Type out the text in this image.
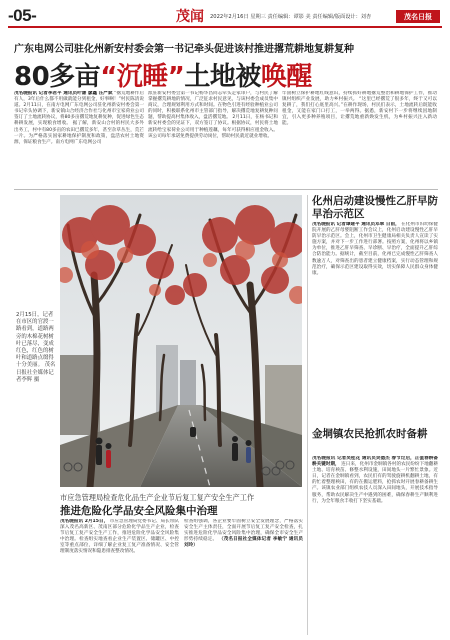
-05-	茂闻 2022年2月16日 星期三 责任编辑：谭影 美 责任编辑/版面设计：刘杏	茂名日报
广东电网公司驻化州新安村委会第一书记牵头促进该村推进撂荒耕地复耕复种
80多亩“沉睡”土地被唤醒
茂名晚报讯 记者李君平 通讯员叶谦 廖鑫 汪严斌 “撂荒地耕作后有人，3年后什么都不用做就能分到租金，好事啊！”村民陈清说道。2月11日，在南方电网广东电网公司驻化州新安村委会第一书记牵头协调下，新安镇山合经济合作社与化州市宝家荷业公司签订了土地流转协议，将80多亩撂荒地复耕复种，促进绿色生态耕耕发展，实现粮食增收。 据了解，新安山合村的村民大多外出务工，村中有80多亩的农田已撂荒多年，甚至杂草丛生，荒芒一片。为严格落实国家耕地保护制度和政策，盘活农村土地资源，保证粮食生产。南方电网广东电网公司
派驻新安村委会第一书记杨华昌同志牵头走家串户，与村民了解掌握撂荒耕地的情况，广泛征求村民意见，与该村委会成员集中商议，合理规划利用方式和时间。在物色引进有经验种植业公司的同时，积极联系化州市主管部门指导，解决撂荒地复耕复种问题，帮助提高村集体收入，盘活撂荒地。 2月11日，在杨书记和新安村委会的见证下，双方签订了协议。根据协议，村民将土地流转给宝家荷业公司用于种植莲藕，每年可获得相应租金收入。该公司每年承诺免费提供劳动岗位，帮助村民就近就业增收。
牢固树立保护耕地红线意识，持续抓好耕地撂荒整治和耕地保护工作，推动镇村组织产业发展，助力乡村振兴。 “这里已经撂荒了很多年，终于又可以复耕了，我们打心底里高兴。”在耕作现场，村民们表示，土地流转后既能收租金，又能在家门口打工，一举两得。据悉，新安村下一步将继续因地制宜，引入更多种养殖项目，让撂荒地重新焕发生机，为乡村振兴注入新动能。
2月15日，记者在市区的官渡一路看到，道路两旁的木棉花树树叶已落尽，变成红色，红色的树叶和道路点缀得十分美丽。 茂名日报社全媒体记者李辉 摄
化州启动建设慢性乙肝早防早治示范区
茂名晚报讯 记者谭建平 通讯员邓翠 日前， 在化州市妇幼保健院开展的乙肝母婴阻断工作会议上，化州启动建设慢性乙肝早防早治示范区。会上，化州市卫生健康局相关负责人宣读了实施方案，并对下一步工作进行部署。按照方案，化州将以乡镇为单位，推进乙肝早筛查、早诊断、早治疗，全面提升乙肝综合防治能力。据统计，截至目前，化州已完成慢性乙肝筛查人数逾万人，对筛查出的患者建立健康档案，实行动态管理和规范治疗，确保示范区建设取得实效，切实保障人民群众身体健康。
金垌镇农民抢抓农时备耕
茂名晚报讯 记者吴桂花 通讯员吴德杰 春节过后，正值春耕备耕关键时期， 连日来，化州市金垌镇各村的农民纷纷下地翻耕土地、培育秧苗、修整水利设施，田间地头一片繁忙景象。近日，记者在金垌镇看到，农民们有的驾驶旋耕机翻耕土地，有的忙着整理秧田，有的在搬运肥料，抢抓农时开展春耕备耕生产。该镇农业部门组织农技人员深入田间地头，开展技术指导服务，帮助农民解决生产中遇到的困难，确保春耕生产顺利进行，为全年粮食丰收打下坚实基础。
市应急管理局检查危化品生产企业节后复工复产安全生产工作
推进危险化学品安全风险集中治理
茂名晚报讯 2月15日， 市应急管理局党委书记、局长带队深入茂名高新区、茂南区部分危险化学品生产企业，检查节后复工复产安全生产工作，推进危险化学品安全风险集中治理。检查组实地查看企业生产装置区、储罐区、中控室等重点部位，详细了解企业复工复产准备情况、安全管理制度落实情况和隐患排查整改情况。
检查组强调，各企业要牢固树立安全发展理念，严格落实安全生产主体责任，全面开展节后复工复产安全检查，扎实推进危险化学品安全风险集中治理，确保全市安全生产形势持续稳定。 （茂名日报社全媒体记者 李敏宁 通讯员 刘玲）
